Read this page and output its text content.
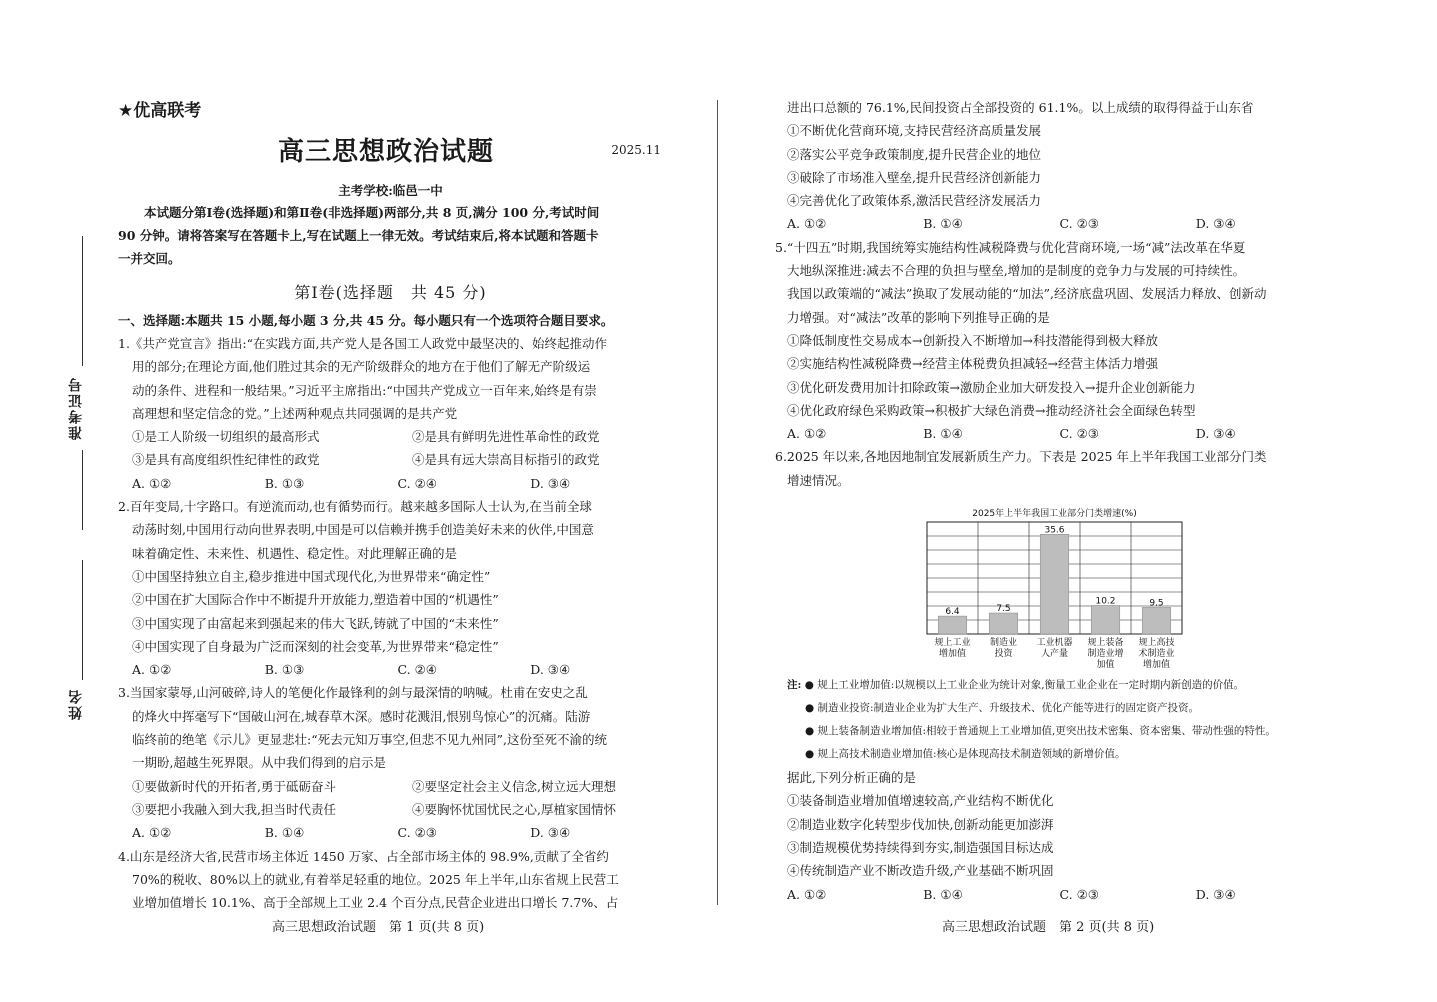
准考证号
姓名

★优高联考

高三思想政治试题	2025.11
主考学校:临邑一中
本试题分第Ⅰ卷(选择题)和第Ⅱ卷(非选择题)两部分,共 8 页,满分 100 分,考试时间
90 分钟。请将答案写在答题卡上,写在试题上一律无效。考试结束后,将本试题和答题卡
一并交回。
第Ⅰ卷(选择题　共 45 分)
一、选择题:本题共 15 小题,每小题 3 分,共 45 分。每小题只有一个选项符合题目要求。
1.《共产党宣言》指出:“在实践方面,共产党人是各国工人政党中最坚决的、始终起推动作
用的部分;在理论方面,他们胜过其余的无产阶级群众的地方在于他们了解无产阶级运
动的条件、进程和一般结果。”习近平主席指出:“中国共产党成立一百年来,始终是有崇
高理想和坚定信念的党。”上述两种观点共同强调的是共产党
①是工人阶级一切组织的最高形式	②是具有鲜明先进性革命性的政党
③是具有高度组织性纪律性的政党	④是具有远大崇高目标指引的政党
A. ①②	B. ①③	C. ②④	D. ③④
2.百年变局,十字路口。有逆流而动,也有循势而行。越来越多国际人士认为,在当前全球
动荡时刻,中国用行动向世界表明,中国是可以信赖并携手创造美好未来的伙伴,中国意
味着确定性、未来性、机遇性、稳定性。对此理解正确的是
①中国坚持独立自主,稳步推进中国式现代化,为世界带来“确定性”
②中国在扩大国际合作中不断提升开放能力,塑造着中国的“机遇性”
③中国实现了由富起来到强起来的伟大飞跃,铸就了中国的“未来性”
④中国实现了自身最为广泛而深刻的社会变革,为世界带来“稳定性”
A. ①②	B. ①③	C. ②④	D. ③④
3.当国家蒙辱,山河破碎,诗人的笔便化作最锋利的剑与最深情的呐喊。杜甫在安史之乱
的烽火中挥毫写下“国破山河在,城春草木深。感时花溅泪,恨别鸟惊心”的沉痛。陆游
临终前的绝笔《示儿》更显悲壮:“死去元知万事空,但悲不见九州同”,这份至死不渝的统
一期盼,超越生死界限。从中我们得到的启示是
①要做新时代的开拓者,勇于砥砺奋斗	②要坚定社会主义信念,树立远大理想
③要把小我融入到大我,担当时代责任	④要胸怀忧国忧民之心,厚植家国情怀
A. ①②	B. ①④	C. ②③	D. ③④
4.山东是经济大省,民营市场主体近 1450 万家、占全部市场主体的 98.9%,贡献了全省约
70%的税收、80%以上的就业,有着举足轻重的地位。2025 年上半年,山东省规上民营工
业增加值增长 10.1%、高于全部规上工业 2.4 个百分点,民营企业进出口增长 7.7%、占
高三思想政治试题　第 1 页(共 8 页)
进出口总额的 76.1%,民间投资占全部投资的 61.1%。以上成绩的取得得益于山东省
①不断优化营商环境,支持民营经济高质量发展
②落实公平竞争政策制度,提升民营企业的地位
③破除了市场准入壁垒,提升民营经济创新能力
④完善优化了政策体系,激活民营经济发展活力
A. ①②	B. ①④	C. ②③	D. ③④
5.“十四五”时期,我国统筹实施结构性减税降费与优化营商环境,一场“减”法改革在华夏
大地纵深推进:减去不合理的负担与壁垒,增加的是制度的竞争力与发展的可持续性。
我国以政策端的“减法”换取了发展动能的“加法”,经济底盘巩固、发展活力释放、创新动
力增强。对“减法”改革的影响下列推导正确的是
①降低制度性交易成本→创新投入不断增加→科技潜能得到极大释放
②实施结构性减税降费→经营主体税费负担减轻→经营主体活力增强
③优化研发费用加计扣除政策→激励企业加大研发投入→提升企业创新能力
④优化政府绿色采购政策→积极扩大绿色消费→推动经济社会全面绿色转型
A. ①②	B. ①④	C. ②③	D. ③④
6.2025 年以来,各地因地制宜发展新质生产力。下表是 2025 年上半年我国工业部分门类
增速情况。
2025年上半年我国工业部分门类增速(%)
6.4
规上工业
增加值
7.5
制造业
投资
35.6
工业机器
人产量
10.2
规上装备
制造业增
加值
9.5
规上高技
术制造业
增加值
注: ● 规上工业增加值:以规模以上工业企业为统计对象,衡量工业企业在一定时期内新创造的价值。
● 制造业投资:制造业企业为扩大生产、升级技术、优化产能等进行的固定资产投资。
● 规上装备制造业增加值:相较于普通规上工业增加值,更突出技术密集、资本密集、带动性强的特性。
● 规上高技术制造业增加值:核心是体现高技术制造领域的新增价值。
据此,下列分析正确的是
①装备制造业增加值增速较高,产业结构不断优化
②制造业数字化转型步伐加快,创新动能更加澎湃
③制造规模优势持续得到夯实,制造强国目标达成
④传统制造产业不断改造升级,产业基础不断巩固
A. ①②	B. ①④	C. ②③	D. ③④
高三思想政治试题　第 2 页(共 8 页)
